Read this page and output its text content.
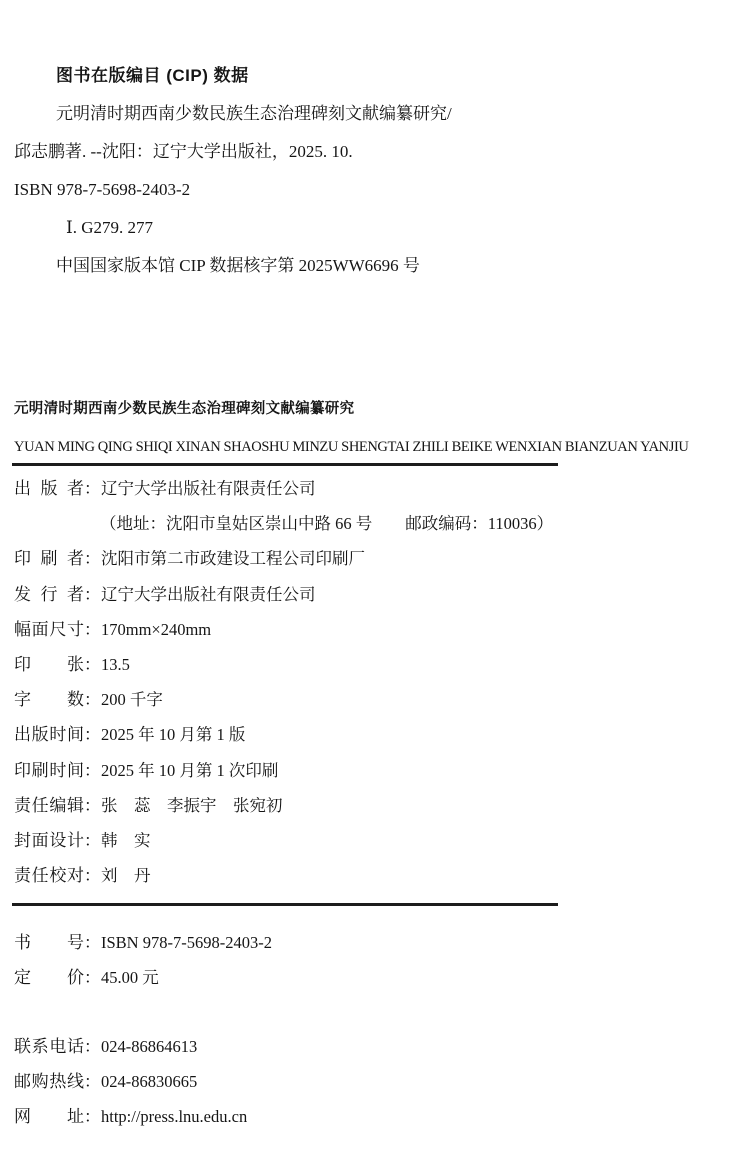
图书在版编目 (CIP) 数据

元明清时期西南少数民族生态治理碑刻文献编纂研究/

邱志鹏著. --沈阳：辽宁大学出版社，2025. 10.

ISBN 978-7-5698-2403-2

Ⅰ. G279. 277

中国国家版本馆 CIP 数据核字第 2025WW6696 号

元明清时期西南少数民族生态治理碑刻文献编纂研究
YUAN MING QING SHIQI XINAN SHAOSHU MINZU SHENGTAI ZHILI BEIKE WENXIAN BIANZUAN YANJIU
出版者 ： 辽宁大学出版社有限责任公司
（地址：沈阳市皇姑区崇山中路 66 号　　邮政编码：110036）
印刷者 ： 沈阳市第二市政建设工程公司印刷厂
发行者 ： 辽宁大学出版社有限责任公司
幅面尺寸 ： 170mm×240mm
印张 ： 13.5
字数 ： 200 千字
出版时间 ： 2025 年 10 月第 1 版
印刷时间 ： 2025 年 10 月第 1 次印刷
责任编辑 ： 张　蕊　李振宇　张宛初
封面设计 ： 韩　实
责任校对 ： 刘　丹
书号 ： ISBN 978-7-5698-2403-2
定价 ： 45.00 元
联系电话 ： 024-86864613
邮购热线 ： 024-86830665
网址 ： http://press.lnu.edu.cn
